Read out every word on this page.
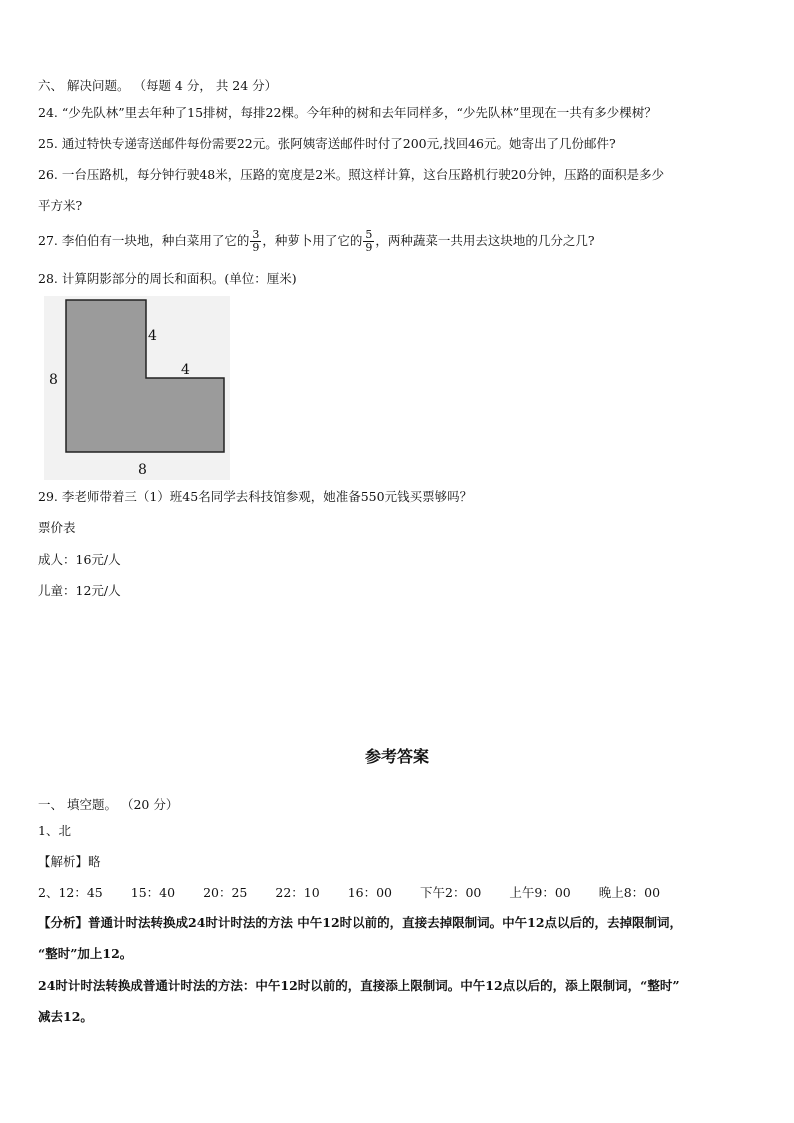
六、 解决问题。 （每题 4 分， 共 24 分）
24. “少先队林”里去年种了15排树，每排22棵。今年种的树和去年同样多，“少先队林”里现在一共有多少棵树？
25. 通过特快专递寄送邮件每份需要22元。张阿姨寄送邮件时付了200元,找回46元。她寄出了几份邮件?
26. 一台压路机，每分钟行驶48米，压路的宽度是2米。照这样计算，这台压路机行驶20分钟，压路的面积是多少
平方米?
27. 李伯伯有一块地，种白菜用了它的 $\frac{3}{9}$ ，种萝卜用了它的 $\frac{5}{9}$ ，两种蔬菜一共用去这块地的几分之几?
28. 计算阴影部分的周长和面积。(单位：厘米)
4
4
8
8
29. 李老师带着三（1）班45名同学去科技馆参观，她准备550元钱买票够吗？
票价表
成人：16元/人
儿童：12元/人
参考答案
一、 填空题。 （20 分）
1、北
【解析】略
2、12：45 15：40 20：25 22：10 16：00 下午2：00 上午9：00 晚上8：00
【分析】普通计时法转换成24时计时法的方法 中午12时以前的，直接去掉限制词。中午12点以后的，去掉限制词，
“整时”加上12。
24时计时法转换成普通计时法的方法：中午12时以前的，直接添上限制词。中午12点以后的，添上限制词，“整时”
减去12。
